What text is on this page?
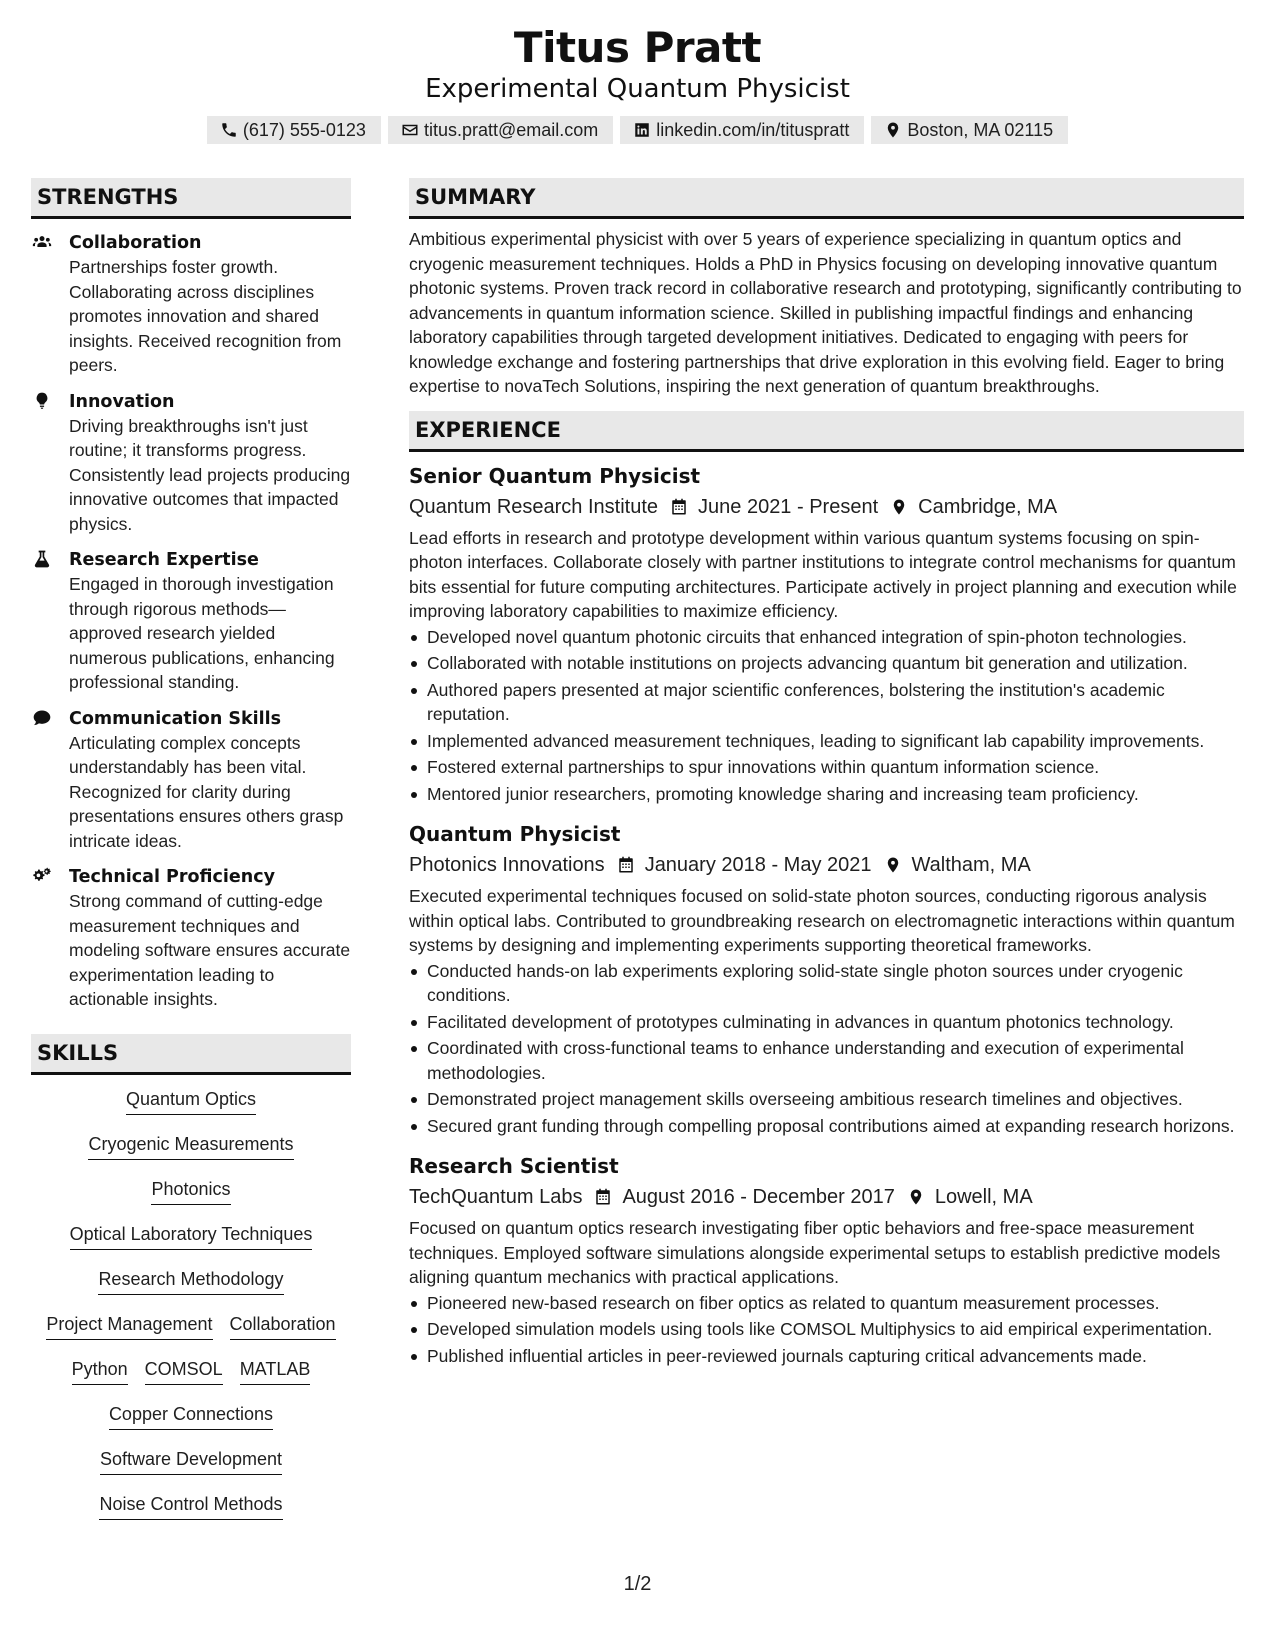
Titus Pratt
Experimental Quantum Physicist
(617) 555-0123	titus.pratt@email.com	linkedin.com/in/tituspratt	Boston, MA 02115
STRENGTHS
Collaboration
Partnerships foster growth. Collaborating across disciplines promotes innovation and shared insights. Received recognition from peers.
Innovation
Driving breakthroughs isn't just routine; it transforms progress. Consistently lead projects producing innovative outcomes that impacted physics.
Research Expertise
Engaged in thorough investigation through rigorous methods—approved research yielded numerous publications, enhancing professional standing.
Communication Skills
Articulating complex concepts understandably has been vital. Recognized for clarity during presentations ensures others grasp intricate ideas.
Technical Proficiency
Strong command of cutting-edge measurement techniques and modeling software ensures accurate experimentation leading to actionable insights.
SKILLS
Quantum Optics
Cryogenic Measurements
Photonics
Optical Laboratory Techniques
Research Methodology
Project Management Collaboration
Python COMSOL MATLAB
Copper Connections
Software Development
Noise Control Methods
SUMMARY
Ambitious experimental physicist with over 5 years of experience specializing in quantum optics and cryogenic measurement techniques. Holds a PhD in Physics focusing on developing innovative quantum photonic systems. Proven track record in collaborative research and prototyping, significantly contributing to advancements in quantum information science. Skilled in publishing impactful findings and enhancing laboratory capabilities through targeted development initiatives. Dedicated to engaging with peers for knowledge exchange and fostering partnerships that drive exploration in this evolving field. Eager to bring expertise to novaTech Solutions, inspiring the next generation of quantum breakthroughs.
EXPERIENCE
Senior Quantum Physicist
Quantum Research Institute June 2021 - Present Cambridge, MA
Lead efforts in research and prototype development within various quantum systems focusing on spin-photon interfaces. Collaborate closely with partner institutions to integrate control mechanisms for quantum bits essential for future computing architectures. Participate actively in project planning and execution while improving laboratory capabilities to maximize efficiency.
Developed novel quantum photonic circuits that enhanced integration of spin-photon technologies.
Collaborated with notable institutions on projects advancing quantum bit generation and utilization.
Authored papers presented at major scientific conferences, bolstering the institution's academic reputation.
Implemented advanced measurement techniques, leading to significant lab capability improvements.
Fostered external partnerships to spur innovations within quantum information science.
Mentored junior researchers, promoting knowledge sharing and increasing team proficiency.
Quantum Physicist
Photonics Innovations January 2018 - May 2021 Waltham, MA
Executed experimental techniques focused on solid-state photon sources, conducting rigorous analysis within optical labs. Contributed to groundbreaking research on electromagnetic interactions within quantum systems by designing and implementing experiments supporting theoretical frameworks.
Conducted hands-on lab experiments exploring solid-state single photon sources under cryogenic conditions.
Facilitated development of prototypes culminating in advances in quantum photonics technology.
Coordinated with cross-functional teams to enhance understanding and execution of experimental methodologies.
Demonstrated project management skills overseeing ambitious research timelines and objectives.
Secured grant funding through compelling proposal contributions aimed at expanding research horizons.
Research Scientist
TechQuantum Labs August 2016 - December 2017 Lowell, MA
Focused on quantum optics research investigating fiber optic behaviors and free-space measurement techniques. Employed software simulations alongside experimental setups to establish predictive models aligning quantum mechanics with practical applications.
Pioneered new-based research on fiber optics as related to quantum measurement processes.
Developed simulation models using tools like COMSOL Multiphysics to aid empirical experimentation.
Published influential articles in peer-reviewed journals capturing critical advancements made.
1/2
